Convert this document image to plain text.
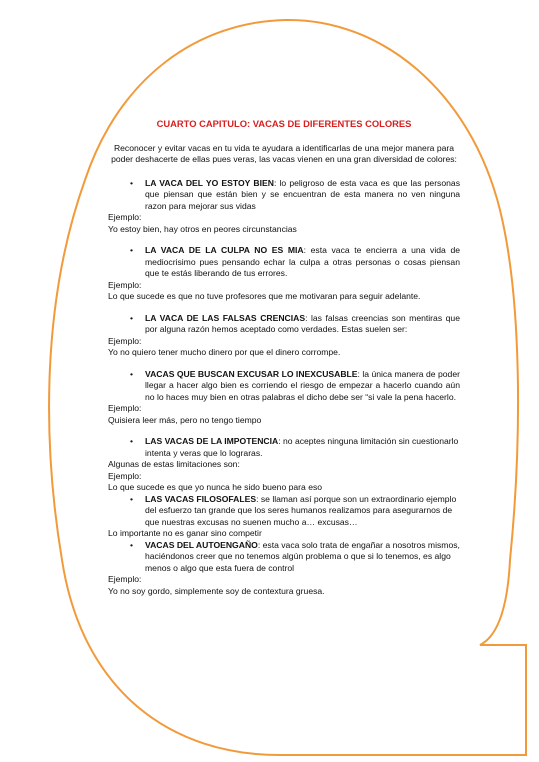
CUARTO CAPITULO: VACAS DE DIFERENTES COLORES

Reconocer y evitar vacas en tu vida te ayudara a identificarlas de una mejor manera para poder deshacerte de ellas pues veras, las vacas vienen en una gran diversidad de colores:

• LA VACA DEL YO ESTOY BIEN: lo peligroso de esta vaca es que las personas que piensan que están bien y se encuentran de esta manera no ven ninguna razon para mejorar sus vidas

Ejemplo:

Yo estoy bien, hay otros en peores circunstancias

• LA VACA DE LA CULPA NO ES MIA: esta vaca te encierra a una vida de mediocrisimo pues pensando echar la culpa a otras personas o cosas piensan que te estás liberando de tus errores.

Ejemplo:

Lo que sucede es que no tuve profesores que me motivaran para seguir adelante.

• LA VACA DE LAS FALSAS CRENCIAS: las falsas creencias son mentiras que por alguna razón hemos aceptado como verdades. Estas suelen ser:

Ejemplo:

Yo no quiero tener mucho dinero por que el dinero corrompe.

• VACAS QUE BUSCAN EXCUSAR LO INEXCUSABLE: la única manera de poder llegar a hacer algo bien es corriendo el riesgo de empezar a hacerlo cuando aún no lo haces muy bien en otras palabras el dicho debe ser “si vale la pena hacerlo.

Ejemplo:

Quisiera leer más, pero no tengo tiempo

• LAS VACAS DE LA IMPOTENCIA: no aceptes ninguna limitación sin cuestionarlo intenta y veras que lo lograras.

Algunas de estas limitaciones son:

Ejemplo:

Lo que sucede es que yo nunca he sido bueno para eso

• LAS VACAS FILOSOFALES: se llaman así porque son un extraordinario ejemplo del esfuerzo tan grande que los seres humanos realizamos para asegurarnos de que nuestras excusas no suenen mucho a… excusas…

Lo importante no es ganar sino competir

• VACAS DEL AUTOENGAÑO: esta vaca solo trata de engañar a nosotros mismos, haciéndonos creer que no tenemos algún problema o que si lo tenemos, es algo menos o algo que esta fuera de control

Ejemplo:

Yo no soy gordo, simplemente soy de contextura gruesa.
